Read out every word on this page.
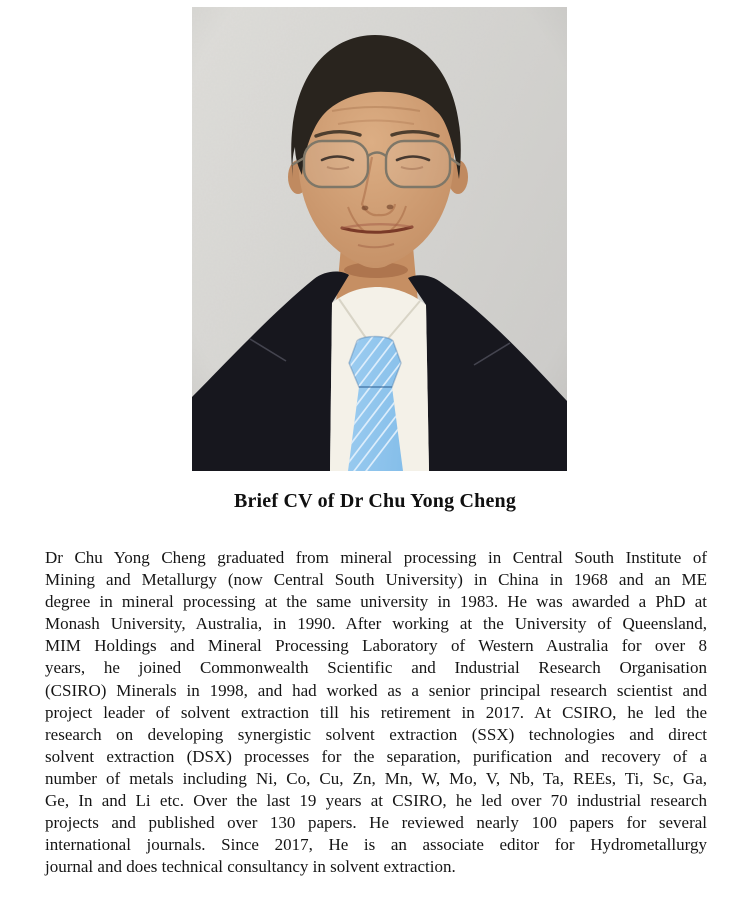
Brief CV of Dr Chu Yong Cheng
Dr Chu Yong Cheng graduated from mineral processing in Central South Institute of
Mining and Metallurgy (now Central South University) in China in 1968 and an ME
degree in mineral processing at the same university in 1983. He was awarded a PhD at
Monash University, Australia, in 1990. After working at the University of Queensland,
MIM Holdings and Mineral Processing Laboratory of Western Australia for over 8
years, he joined Commonwealth Scientific and Industrial Research Organisation
(CSIRO) Minerals in 1998, and had worked as a senior principal research scientist and
project leader of solvent extraction till his retirement in 2017. At CSIRO, he led the
research on developing synergistic solvent extraction (SSX) technologies and direct
solvent extraction (DSX) processes for the separation, purification and recovery of a
number of metals including Ni, Co, Cu, Zn, Mn, W, Mo, V, Nb, Ta, REEs, Ti, Sc, Ga,
Ge, In and Li etc. Over the last 19 years at CSIRO, he led over 70 industrial research
projects and published over 130 papers. He reviewed nearly 100 papers for several
international journals. Since 2017, He is an associate editor for Hydrometallurgy
journal and does technical consultancy in solvent extraction.
